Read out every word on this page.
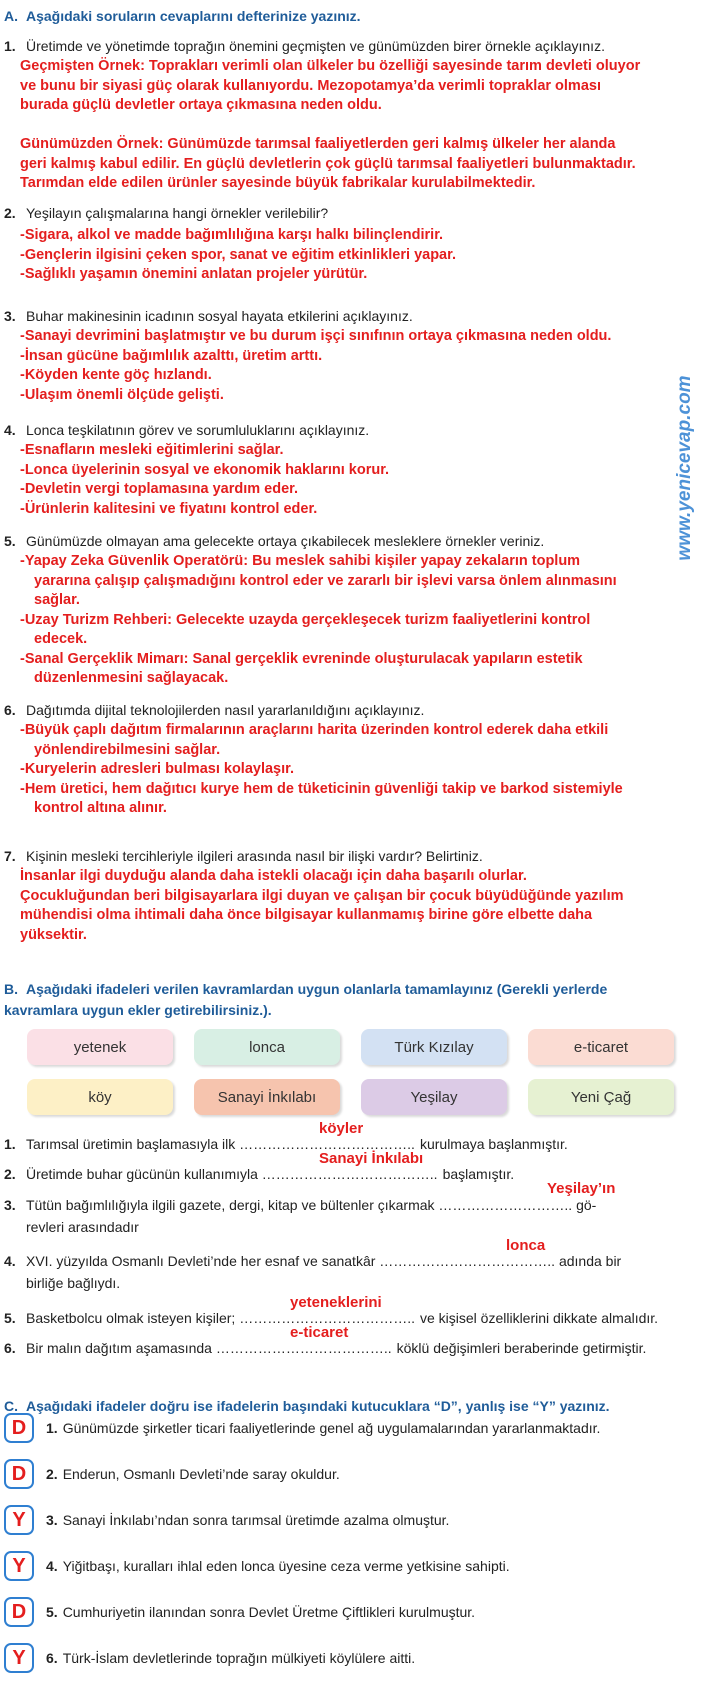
A. Aşağıdaki soruların cevaplarını defterinize yazınız.
1. Üretimde ve yönetimde toprağın önemini geçmişten ve günümüzden birer örnekle açıklayınız.
Geçmişten Örnek: Toprakları verimli olan ülkeler bu özelliği sayesinde tarım devleti oluyor
ve bunu bir siyasi güç olarak kullanıyordu. Mezopotamya’da verimli topraklar olması
burada güçlü devletler ortaya çıkmasına neden oldu.

Günümüzden Örnek: Günümüzde tarımsal faaliyetlerden geri kalmış ülkeler her alanda
geri kalmış kabul edilir. En güçlü devletlerin çok güçlü tarımsal faaliyetleri bulunmaktadır.
Tarımdan elde edilen ürünler sayesinde büyük fabrikalar kurulabilmektedir.
2. Yeşilayın çalışmalarına hangi örnekler verilebilir?
-Sigara, alkol ve madde bağımlılığına karşı halkı bilinçlendirir.
-Gençlerin ilgisini çeken spor, sanat ve eğitim etkinlikleri yapar.
-Sağlıklı yaşamın önemini anlatan projeler yürütür.
3. Buhar makinesinin icadının sosyal hayata etkilerini açıklayınız.
-Sanayi devrimini başlatmıştır ve bu durum işçi sınıfının ortaya çıkmasına neden oldu.
-İnsan gücüne bağımlılık azalttı, üretim arttı.
-Köyden kente göç hızlandı.
-Ulaşım önemli ölçüde gelişti.
4. Lonca teşkilatının görev ve sorumluluklarını açıklayınız.
-Esnafların mesleki eğitimlerini sağlar.
-Lonca üyelerinin sosyal ve ekonomik haklarını korur.
-Devletin vergi toplamasına yardım eder.
-Ürünlerin kalitesini ve fiyatını kontrol eder.
5. Günümüzde olmayan ama gelecekte ortaya çıkabilecek mesleklere örnekler veriniz.
-Yapay Zeka Güvenlik Operatörü: Bu meslek sahibi kişiler yapay zekaların toplum
yararına çalışıp çalışmadığını kontrol eder ve zararlı bir işlevi varsa önlem alınmasını
sağlar.
-Uzay Turizm Rehberi: Gelecekte uzayda gerçekleşecek turizm faaliyetlerini kontrol
edecek.
-Sanal Gerçeklik Mimarı: Sanal gerçeklik evreninde oluşturulacak yapıların estetik
düzenlenmesini sağlayacak.
6. Dağıtımda dijital teknolojilerden nasıl yararlanıldığını açıklayınız.
-Büyük çaplı dağıtım firmalarının araçlarını harita üzerinden kontrol ederek daha etkili
yönlendirebilmesini sağlar.
-Kuryelerin adresleri bulması kolaylaşır.
-Hem üretici, hem dağıtıcı kurye hem de tüketicinin güvenliği takip ve barkod sistemiyle
kontrol altına alınır.
7. Kişinin mesleki tercihleriyle ilgileri arasında nasıl bir ilişki vardır? Belirtiniz.
İnsanlar ilgi duyduğu alanda daha istekli olacağı için daha başarılı olurlar.
Çocukluğundan beri bilgisayarlara ilgi duyan ve çalışan bir çocuk büyüdüğünde yazılım
mühendisi olma ihtimali daha önce bilgisayar kullanmamış birine göre elbette daha
yüksektir.
www.yenicevap.com
B. Aşağıdaki ifadeleri verilen kavramlardan uygun olanlarla tamamlayınız (Gerekli yerlerde
kavramlara uygun ekler getirebilirsiniz.).
yetenek	lonca	Türk Kızılay	e-ticaret
köy	Sanayi İnkılabı	Yeşilay	Yeni Çağ
1. Tarımsal üretimin başlamasıyla ilk ……………………………….. kurulmaya başlanmıştır.
köyler
2. Üretimde buhar gücünün kullanımıyla ……………………………….. başlamıştır.
Sanayi İnkılabı
3. Tütün bağımlılığıyla ilgili gazete, dergi, kitap ve bültenler çıkarmak ……………………….. gö-
revleri arasındadır
Yeşilay’ın
4. XVI. yüzyılda Osmanlı Devleti’nde her esnaf ve sanatkâr ……………………………….. adında bir
birliğe bağlıydı.
lonca
5. Basketbolcu olmak isteyen kişiler; ……………………………….. ve kişisel özelliklerini dikkate almalıdır.
yeteneklerini
6. Bir malın dağıtım aşamasında ……………………………….. köklü değişimleri beraberinde getirmiştir.
e-ticaret
C. Aşağıdaki ifadeler doğru ise ifadelerin başındaki kutucuklara “D”, yanlış ise “Y” yazınız.
D	1. Günümüzde şirketler ticari faaliyetlerinde genel ağ uygulamalarından yararlanmaktadır.
D	2. Enderun, Osmanlı Devleti’nde saray okuldur.
Y	3. Sanayi İnkılabı’ndan sonra tarımsal üretimde azalma olmuştur.
Y	4. Yiğitbaşı, kuralları ihlal eden lonca üyesine ceza verme yetkisine sahipti.
D	5. Cumhuriyetin ilanından sonra Devlet Üretme Çiftlikleri kurulmuştur.
Y	6. Türk-İslam devletlerinde toprağın mülkiyeti köylülere aitti.
